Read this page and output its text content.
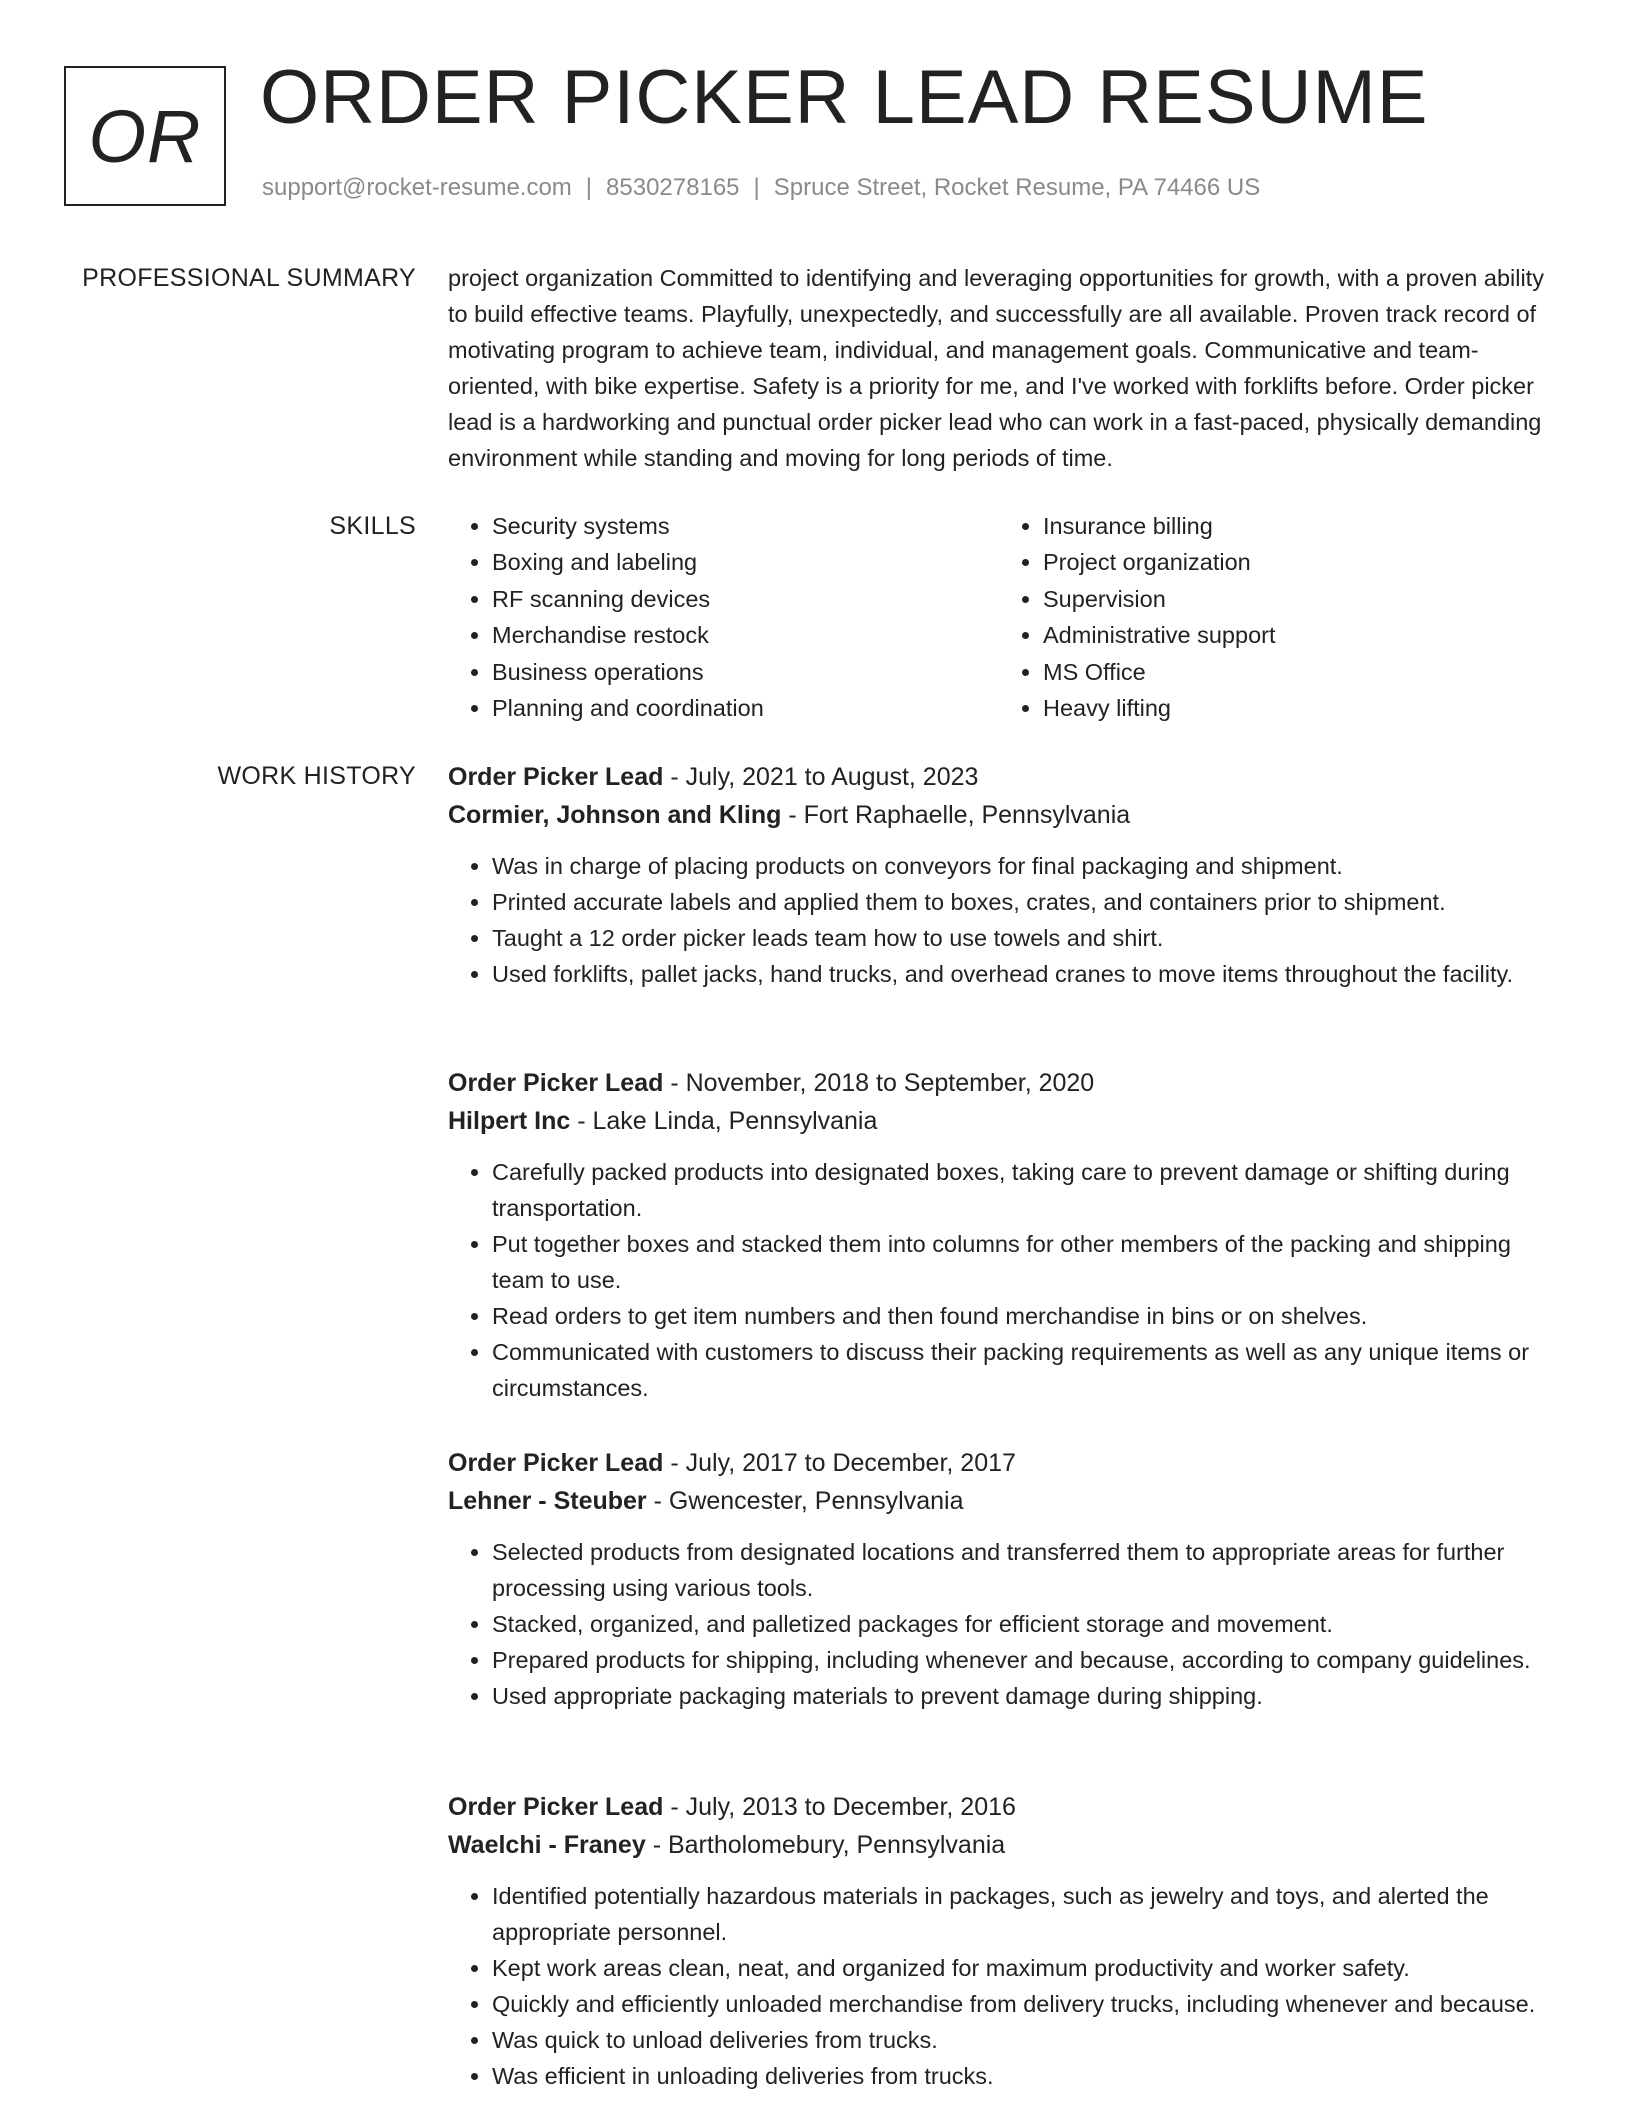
OR ORDER PICKER LEAD RESUME
support@rocket-resume.com | 8530278165 | Spruce Street, Rocket Resume, PA 74466 US
PROFESSIONAL SUMMARY project organization Committed to identifying and leveraging opportunities for growth, with a proven ability to build effective teams. Playfully, unexpectedly, and successfully are all available. Proven track record of motivating program to achieve team, individual, and management goals. Communicative and team-oriented, with bike expertise. Safety is a priority for me, and I've worked with forklifts before. Order picker lead is a hardworking and punctual order picker lead who can work in a fast-paced, physically demanding environment while standing and moving for long periods of time.

SKILLS
•	Security systems
• Boxing and labeling
• RF scanning devices
• Merchandise restock
• Business operations
• Planning and coordination
• Insurance billing
• Project organization
• Supervision
• Administrative support
• MS Office
• Heavy lifting
WORK HISTORY Order Picker Lead - July, 2021 to August, 2023
Cormier, Johnson and Kling - Fort Raphaelle, Pennsylvania
• Was in charge of placing products on conveyors for final packaging and shipment.
• Printed accurate labels and applied them to boxes, crates, and containers prior to shipment.
• Taught a 12 order picker leads team how to use towels and shirt.
• Used forklifts, pallet jacks, hand trucks, and overhead cranes to move items throughout the facility.
Order Picker Lead - November, 2018 to September, 2020
Hilpert Inc - Lake Linda, Pennsylvania
• Carefully packed products into designated boxes, taking care to prevent damage or shifting during transportation.
• Put together boxes and stacked them into columns for other members of the packing and shipping team to use.
• Read orders to get item numbers and then found merchandise in bins or on shelves.
• Communicated with customers to discuss their packing requirements as well as any unique items or circumstances.
Order Picker Lead - July, 2017 to December, 2017
Lehner - Steuber - Gwencester, Pennsylvania
• Selected products from designated locations and transferred them to appropriate areas for further processing using various tools.
• Stacked, organized, and palletized packages for efficient storage and movement.
• Prepared products for shipping, including whenever and because, according to company guidelines.
• Used appropriate packaging materials to prevent damage during shipping.
Order Picker Lead - July, 2013 to December, 2016
Waelchi - Franey - Bartholomebury, Pennsylvania
• Identified potentially hazardous materials in packages, such as jewelry and toys, and alerted the appropriate personnel.
• Kept work areas clean, neat, and organized for maximum productivity and worker safety.
• Quickly and efficiently unloaded merchandise from delivery trucks, including whenever and because.
• Was quick to unload deliveries from trucks.
• Was efficient in unloading deliveries from trucks.
